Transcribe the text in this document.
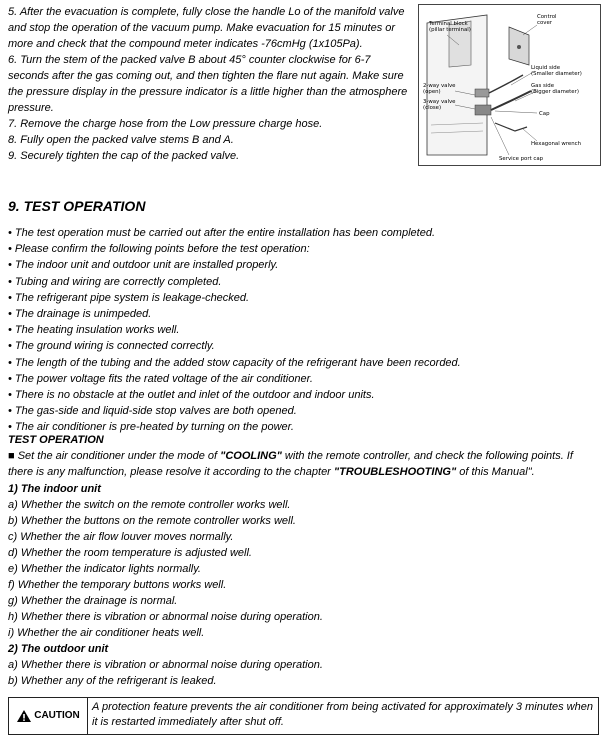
5. After the evacuation is complete, fully close the handle Lo of the manifold valve and stop the operation of the vacuum pump. Make evacuation for 15 minutes or more and check that the compound meter indicates -76cmHg (1x105Pa).

6. Turn the stem of the packed valve B about 45° counter clockwise for 6-7 seconds after the gas coming out, and then tighten the flare nut again. Make sure the pressure display in the pressure indicator is a little higher than the atmosphere pressure.

7. Remove the charge hose from the Low pressure charge hose.

8. Fully open the packed valve stems B and A.

9. Securely tighten the cap of the packed valve.

Control cover
Terminal block (pillar terminal)
Liquid side (Smaller diameter)
Gas side (Bigger diameter)
2-way valve (open)
3-way valve (close)
Cap
Hexagonal wrench
Service port cap
9. TEST OPERATION
• The test operation must be carried out after the entire installation has been completed.
• Please confirm the following points before the test operation:
• The indoor unit and outdoor unit are installed properly.
• Tubing and wiring are correctly completed.
• The refrigerant pipe system is leakage-checked.
• The drainage is unimpeded.
• The heating insulation works well.
• The ground wiring is connected correctly.
• The length of the tubing and the added stow capacity of the refrigerant have been recorded.
• The power voltage fits the rated voltage of the air conditioner.
• There is no obstacle at the outlet and inlet of the outdoor and indoor units.
• The gas-side and liquid-side stop valves are both opened.
• The air conditioner is pre-heated by turning on the power.
TEST OPERATION
■ Set the air conditioner under the mode of "COOLING" with the remote controller, and check the following points. If there is any malfunction, please resolve it according to the chapter "TROUBLESHOOTING" of this Manual".
1) The indoor unit
a) Whether the switch on the remote controller works well.
b) Whether the buttons on the remote controller works well.
c) Whether the air flow louver moves normally.
d) Whether the room temperature is adjusted well.
e) Whether the indicator lights normally.
f) Whether the temporary buttons works well.
g) Whether the drainage is normal.
h) Whether there is vibration or abnormal noise during operation.
i) Whether the air conditioner heats well.
2) The outdoor unit
a) Whether there is vibration or abnormal noise during operation.
b) Whether any of the refrigerant is leaked.
CAUTION
A protection feature prevents the air conditioner from being activated for approximately 3 minutes when it is restarted immediately after shut off.
